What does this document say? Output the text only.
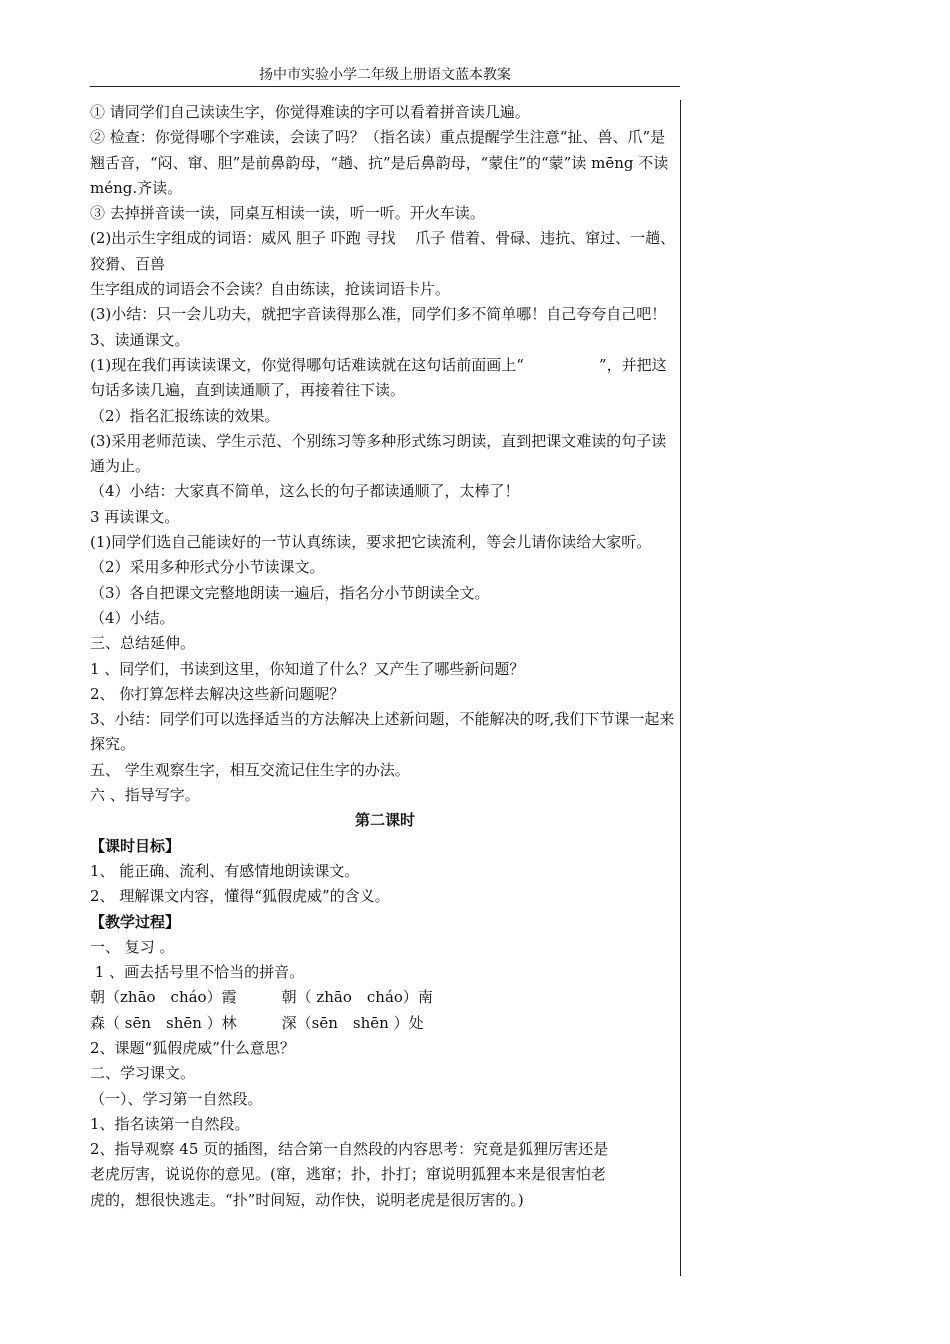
扬中市实验小学二年级上册语文蓝本教案

① 请同学们自己读读生字，你觉得难读的字可以看着拼音读几遍。

② 检查：你觉得哪个字难读，会读了吗？（指名读）重点提醒学生注意“扯、兽、爪”是翘舌音，“闷、窜、胆”是前鼻韵母，“趟、抗”是后鼻韵母，“蒙住”的“蒙”读 mēng 不读 méng.齐读。

③ 去掉拼音读一读，同桌互相读一读，听一听。开火车读。

(2)出示生字组成的词语：威风 胆子 吓跑 寻找　 爪子 借着、骨碌、违抗、窜过、一趟、狡猾、百兽

生字组成的词语会不会读？自由练读，抢读词语卡片。

(3)小结：只一会儿功夫，就把字音读得那么准，同学们多不简单哪！自己夸夸自己吧！

3、读通课文。

(1)现在我们再读读课文，你觉得哪句话难读就在这句话前面画上“　　　　　”，并把这句话多读几遍，直到读通顺了，再接着往下读。

（2）指名汇报练读的效果。

(3)采用老师范读、学生示范、个别练习等多种形式练习朗读，直到把课文难读的句子读通为止。

（4）小结：大家真不简单，这么长的句子都读通顺了，太棒了！

3 再读课文。

(1)同学们选自己能读好的一节认真练读，要求把它读流利，等会儿请你读给大家听。

（2）采用多种形式分小节读课文。

（3）各自把课文完整地朗读一遍后，指名分小节朗读全文。

（4）小结。

三、总结延伸。

1 、同学们，书读到这里，你知道了什么？又产生了哪些新问题？

2、 你打算怎样去解决这些新问题呢？

3、小结：同学们可以选择适当的方法解决上述新问题，不能解决的呀,我们下节课一起来探究。

五、 学生观察生字，相互交流记住生字的办法。

六 、指导写字。

第二课时

【课时目标】

1、 能正确、流利、有感情地朗读课文。

2、 理解课文内容，懂得“狐假虎威”的含义。

【教学过程】

一、 复习 。

1 、画去括号里不恰当的拼音。

朝（zhāo　cháo）霞　　　朝（ zhāo　cháo）南

森（ sēn　shēn ）林　　　深（sēn　shēn ）处

2、课题“狐假虎威”什么意思？

二、学习课文。

（一）、学习第一自然段。

1、指名读第一自然段。

2、指导观察 45 页的插图，结合第一自然段的内容思考：究竟是狐狸厉害还是

老虎厉害，说说你的意见。(窜，逃窜；扑，扑打；窜说明狐狸本来是很害怕老

虎的，想很快逃走。“扑”时间短，动作快，说明老虎是很厉害的。)
